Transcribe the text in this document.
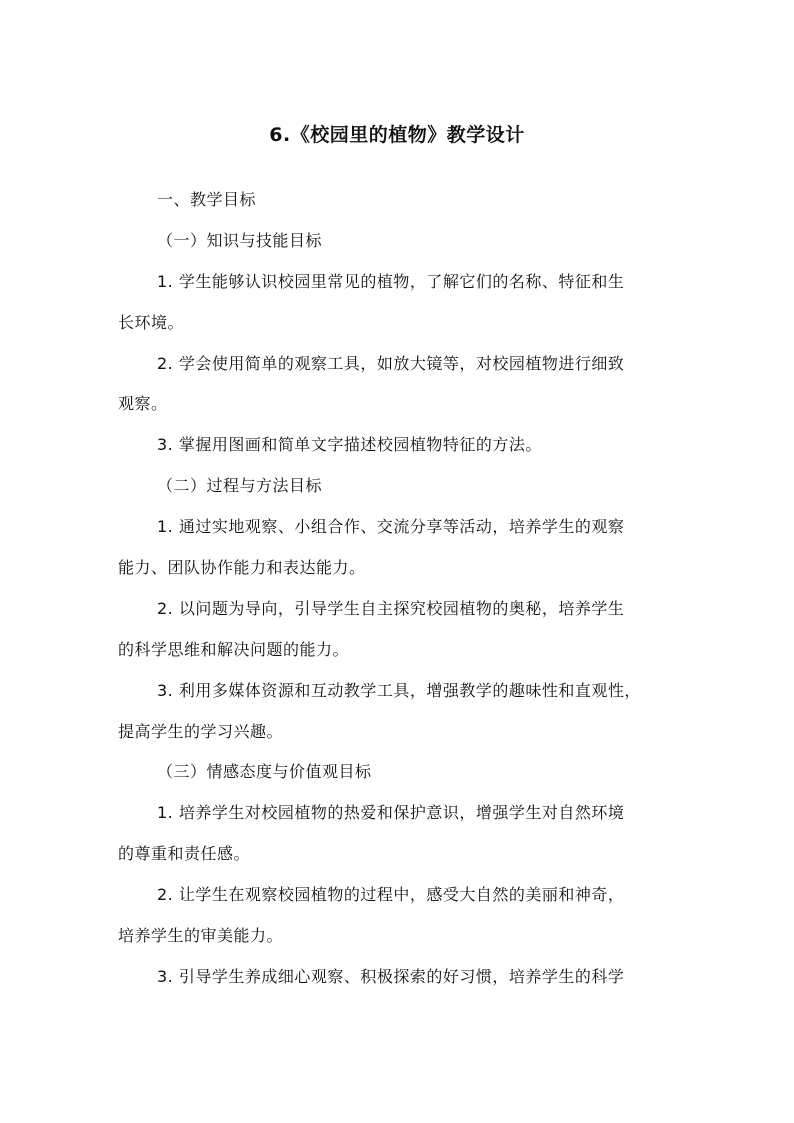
6.《校园里的植物》教学设计
一、教学目标
（一）知识与技能目标
1. 学生能够认识校园里常见的植物，了解它们的名称、特征和生
长环境。
2. 学会使用简单的观察工具，如放大镜等，对校园植物进行细致
观察。
3. 掌握用图画和简单文字描述校园植物特征的方法。
（二）过程与方法目标
1. 通过实地观察、小组合作、交流分享等活动，培养学生的观察
能力、团队协作能力和表达能力。
2. 以问题为导向，引导学生自主探究校园植物的奥秘，培养学生
的科学思维和解决问题的能力。
3. 利用多媒体资源和互动教学工具，增强教学的趣味性和直观性，
提高学生的学习兴趣。
（三）情感态度与价值观目标
1. 培养学生对校园植物的热爱和保护意识，增强学生对自然环境
的尊重和责任感。
2. 让学生在观察校园植物的过程中，感受大自然的美丽和神奇，
培养学生的审美能力。
3. 引导学生养成细心观察、积极探索的好习惯，培养学生的科学
